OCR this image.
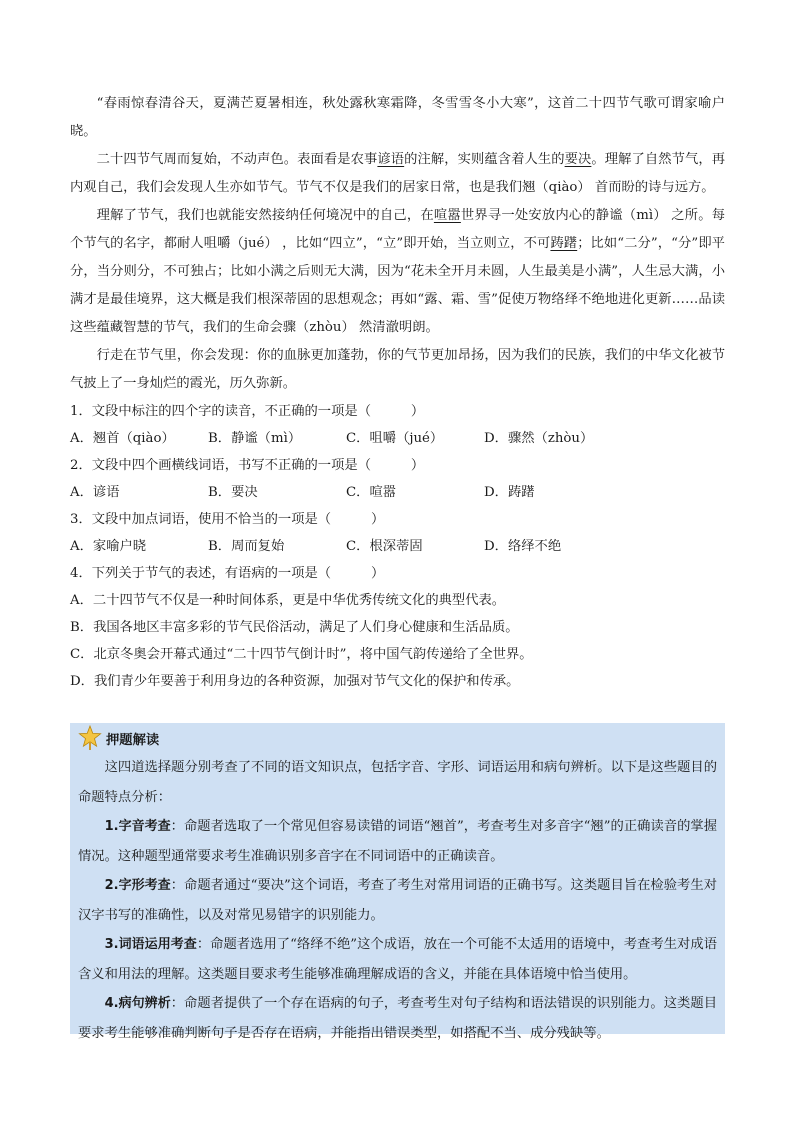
“春雨惊春清谷天，夏满芒夏暑相连，秋处露秋寒霜降，冬雪雪冬小大寒”，这首二十四节气歌可谓家喻户晓。

二十四节气周而复始，不动声色。表面看是农事谚语的注解，实则蕴含着人生的要决。理解了自然节气，再内观自己，我们会发现人生亦如节气。节气不仅是我们的居家日常，也是我们翘（qiào） 首而盼的诗与远方。

理解了节气，我们也就能安然接纳任何境况中的自己，在喧嚣世界寻一处安放内心的静谧（mì） 之所。每个节气的名字，都耐人咀嚼（jué） ，比如“四立”，“立”即开始，当立则立，不可踌躇；比如“二分”，“分”即平分，当分则分，不可独占；比如小满之后则无大满，因为“花未全开月未圆，人生最美是小满”，人生忌大满，小满才是最佳境界，这大概是我们根深蒂固的思想观念；再如“露、霜、雪”促使万物络绎不绝地进化更新……品读这些蕴藏智慧的节气，我们的生命会骤（zhòu） 然清澈明朗。

行走在节气里，你会发现：你的血脉更加蓬勃，你的气节更加昂扬，因为我们的民族，我们的中华文化被节气披上了一身灿烂的霞光，历久弥新。

1．文段中标注的四个字的读音，不正确的一项是（　　　）

A．翘首（qiào）	B．静谧（mì）	C．咀嚼（jué）	D．骤然（zhòu）

2．文段中四个画横线词语，书写不正确的一项是（　　　）

A．谚语	B．要决	C．喧嚣	D．踌躇

3．文段中加点词语，使用不恰当的一项是（　　　）

A．家喻户晓	B．周而复始	C．根深蒂固	D．络绎不绝

4．下列关于节气的表述，有语病的一项是（　　　）

A．二十四节气不仅是一种时间体系，更是中华优秀传统文化的典型代表。

B．我国各地区丰富多彩的节气民俗活动，满足了人们身心健康和生活品质。

C．北京冬奥会开幕式通过“二十四节气倒计时”，将中国气韵传递给了全世界。

D．我们青少年要善于利用身边的各种资源，加强对节气文化的保护和传承。

押题解读

这四道选择题分别考查了不同的语文知识点，包括字音、字形、词语运用和病句辨析。以下是这些题目的命题特点分析：

1.字音考查：命题者选取了一个常见但容易读错的词语“翘首”，考查考生对多音字“翘”的正确读音的掌握情况。这种题型通常要求考生准确识别多音字在不同词语中的正确读音。

2.字形考查：命题者通过“要决”这个词语，考查了考生对常用词语的正确书写。这类题目旨在检验考生对汉字书写的准确性，以及对常见易错字的识别能力。

3.词语运用考查：命题者选用了“络绎不绝”这个成语，放在一个可能不太适用的语境中，考查考生对成语含义和用法的理解。这类题目要求考生能够准确理解成语的含义，并能在具体语境中恰当使用。

4.病句辨析：命题者提供了一个存在语病的句子，考查考生对句子结构和语法错误的识别能力。这类题目要求考生能够准确判断句子是否存在语病，并能指出错误类型，如搭配不当、成分残缺等。
